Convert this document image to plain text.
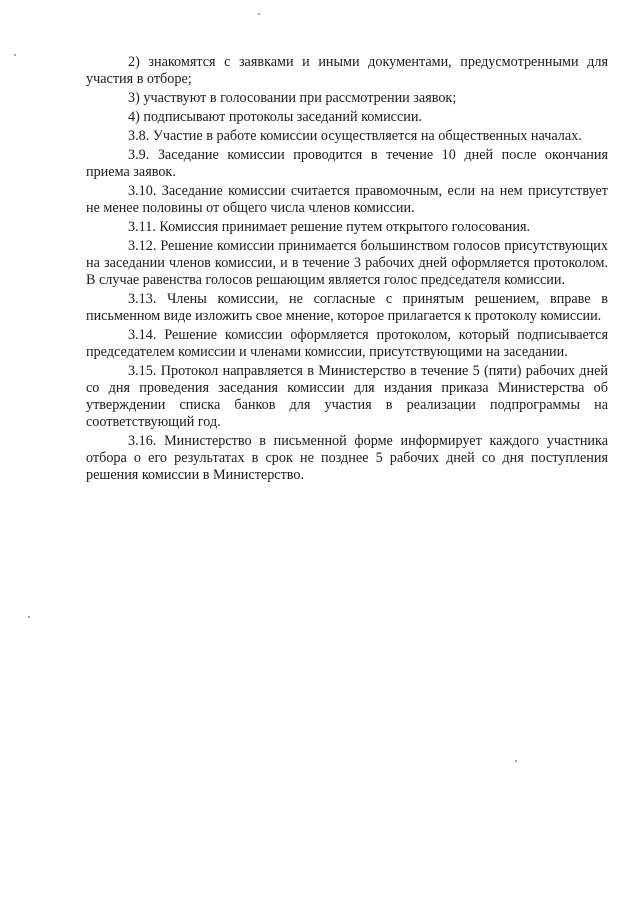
2) знакомятся с заявками и иными документами, предусмотренными для участия в отборе;

3) участвуют в голосовании при рассмотрении заявок;

4) подписывают протоколы заседаний комиссии.

3.8. Участие в работе комиссии осуществляется на общественных началах.

3.9. Заседание комиссии проводится в течение 10 дней после окончания приема заявок.

3.10. Заседание комиссии считается правомочным, если на нем присутствует не менее половины от общего числа членов комиссии.

3.11. Комиссия принимает решение путем открытого голосования.

3.12. Решение комиссии принимается большинством голосов присутствующих на заседании членов комиссии, и в течение 3 рабочих дней оформляется протоколом. В случае равенства голосов решающим является голос председателя комиссии.

3.13. Члены комиссии, не согласные с принятым решением, вправе в письменном виде изложить свое мнение, которое прилагается к протоколу комиссии.

3.14. Решение комиссии оформляется протоколом, который подписывается председателем комиссии и членами комиссии, присутствующими на заседании.

3.15. Протокол направляется в Министерство в течение 5 (пяти) рабочих дней со дня проведения заседания комиссии для издания приказа Министерства об утверждении списка банков для участия в реализации подпрограммы на соответствующий год.

3.16. Министерство в письменной форме информирует каждого участника отбора о его результатах в срок не позднее 5 рабочих дней со дня поступления решения комиссии в Министерство.
